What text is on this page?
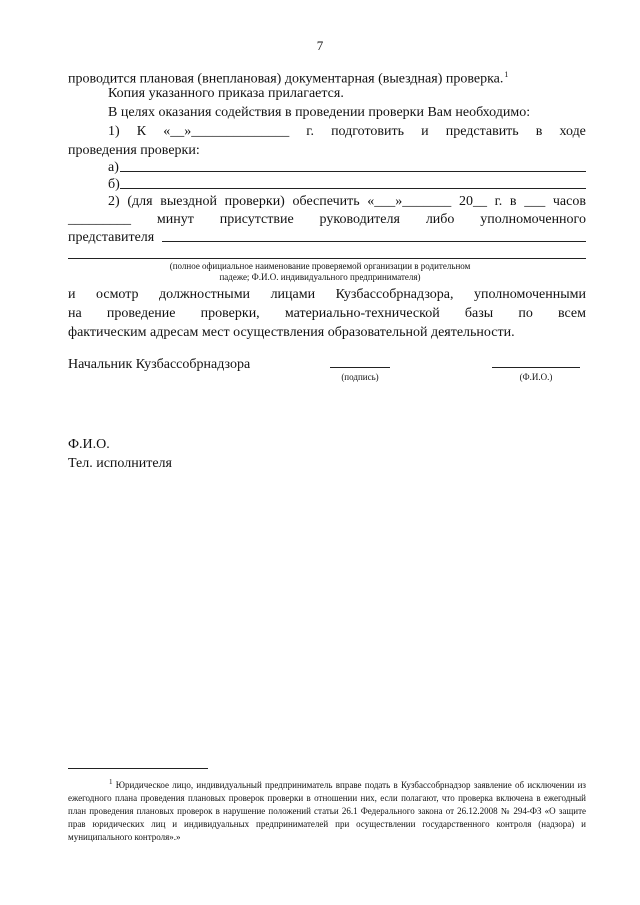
7
проводится плановая (внеплановая) документарная (выездная) проверка.$^1$
Копия указанного приказа прилагается.
В целях оказания содействия в проведении проверки Вам необходимо:
1) К «__»______________ г. подготовить и представить в ходе
проведения проверки:
а)
б)
2) (для выездной проверки) обеспечить «___»_______ 20__ г. в ___ часов
_________ минут присутствие руководителя либо уполномоченного
представителя
(полное официальное наименование проверяемой организации в родительном
падеже; Ф.И.О. индивидуального предпринимателя)
и осмотр должностными лицами Кузбассобрнадзора, уполномоченными
на проведение проверки, материально-технической базы по всем
фактическим адресам мест осуществления образовательной деятельности.
Начальник Кузбассобрнадзора
(подпись)	(Ф.И.О.)
Ф.И.О.
Тел. исполнителя
$^1$ Юридическое лицо, индивидуальный предприниматель вправе подать в Кузбассобрнадзор заявление об исключении из ежегодного плана проведения плановых проверок проверки в отношении них, если полагают, что проверка включена в ежегодный план проведения плановых проверок в нарушение положений статьи 26.1 Федерального закона от 26.12.2008 № 294-ФЗ «О защите прав юридических лиц и индивидуальных предпринимателей при осуществлении государственного контроля (надзора) и муниципального контроля».»
